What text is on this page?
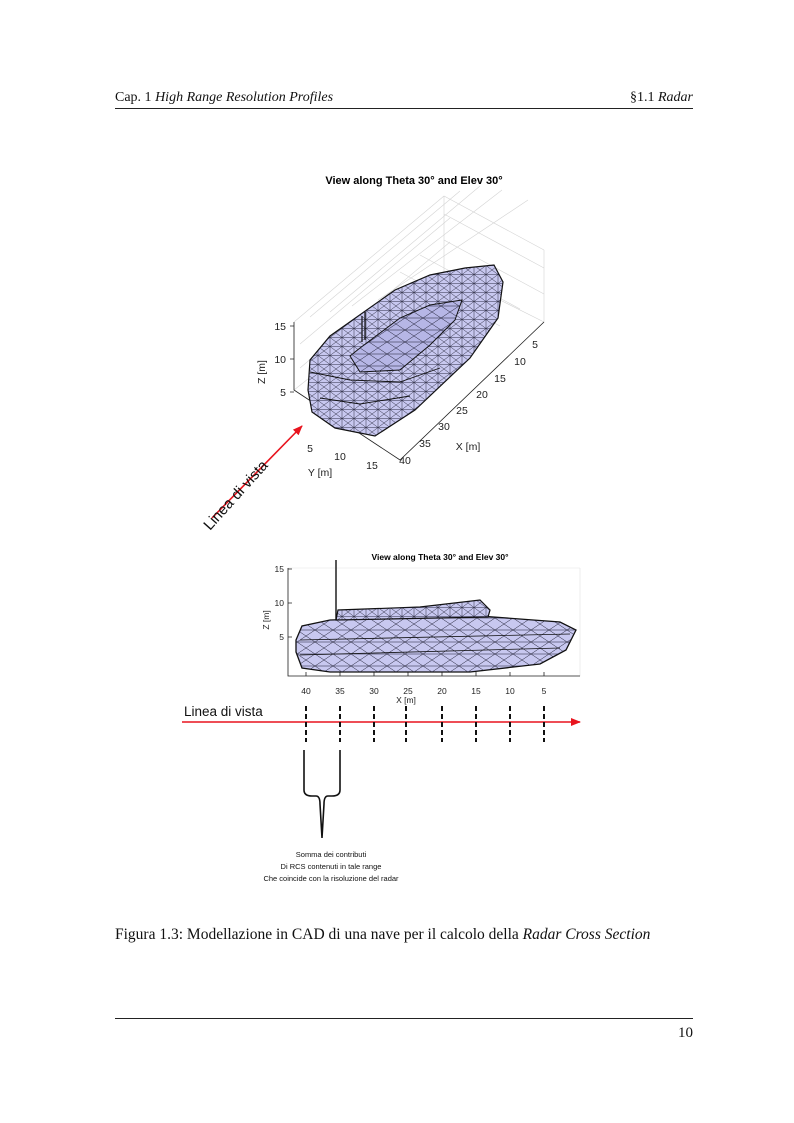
Cap. 1 High Range Resolution Profiles	§1.1 Radar
View along Theta 30° and Elev 30°
15
10
5
Z [m]
5
10
15
Y [m]
5
10
15
20
25
30
35
40
X [m]
Linea di vista
View along Theta 30° and Elev 30°
15
10
5
Z [m]
40	35	30	25	20	15	10	5
X [m]
Linea di vista
Somma dei contributi
Di RCS contenuti in tale range
Che coincide con la risoluzione del radar
Figura 1.3: Modellazione in CAD di una nave per il calcolo della Radar Cross Section
10
